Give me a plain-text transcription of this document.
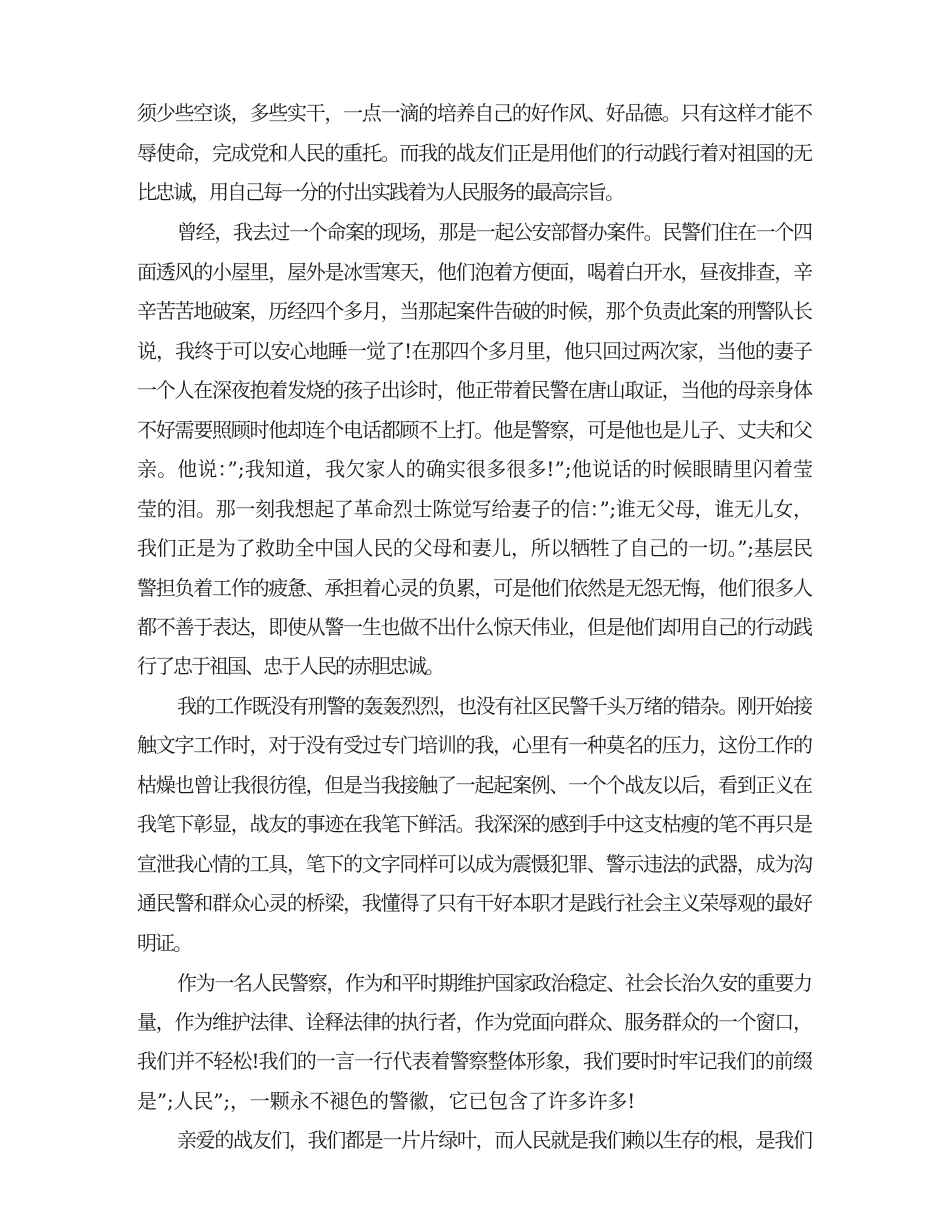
须少些空谈，多些实干，一点一滴的培养自己的好作风、好品德。只有这样才能不
辱使命，完成党和人民的重托。而我的战友们正是用他们的行动践行着对祖国的无
比忠诚，用自己每一分的付出实践着为人民服务的最高宗旨。
曾经，我去过一个命案的现场，那是一起公安部督办案件。民警们住在一个四
面透风的小屋里，屋外是冰雪寒天，他们泡着方便面，喝着白开水，昼夜排查，辛
辛苦苦地破案，历经四个多月，当那起案件告破的时候，那个负责此案的刑警队长
说，我终于可以安心地睡一觉了!在那四个多月里，他只回过两次家，当他的妻子
一个人在深夜抱着发烧的孩子出诊时，他正带着民警在唐山取证，当他的母亲身体
不好需要照顾时他却连个电话都顾不上打。他是警察，可是他也是儿子、丈夫和父
亲。他说：”;我知道，我欠家人的确实很多很多!”;他说话的时候眼睛里闪着莹
莹的泪。那一刻我想起了革命烈士陈觉写给妻子的信：”;谁无父母，谁无儿女，
我们正是为了救助全中国人民的父母和妻儿，所以牺牲了自己的一切。”;基层民
警担负着工作的疲惫、承担着心灵的负累，可是他们依然是无怨无悔，他们很多人
都不善于表达，即使从警一生也做不出什么惊天伟业，但是他们却用自己的行动践
行了忠于祖国、忠于人民的赤胆忠诚。
我的工作既没有刑警的轰轰烈烈，也没有社区民警千头万绪的错杂。刚开始接
触文字工作时，对于没有受过专门培训的我，心里有一种莫名的压力，这份工作的
枯燥也曾让我很彷徨，但是当我接触了一起起案例、一个个战友以后，看到正义在
我笔下彰显，战友的事迹在我笔下鲜活。我深深的感到手中这支枯瘦的笔不再只是
宣泄我心情的工具，笔下的文字同样可以成为震慑犯罪、警示违法的武器，成为沟
通民警和群众心灵的桥梁，我懂得了只有干好本职才是践行社会主义荣辱观的最好
明证。
作为一名人民警察，作为和平时期维护国家政治稳定、社会长治久安的重要力
量，作为维护法律、诠释法律的执行者，作为党面向群众、服务群众的一个窗口，
我们并不轻松!我们的一言一行代表着警察整体形象，我们要时时牢记我们的前缀
是”;人民”;，一颗永不褪色的警徽，它已包含了许多许多!
亲爱的战友们，我们都是一片片绿叶，而人民就是我们赖以生存的根，是我们
